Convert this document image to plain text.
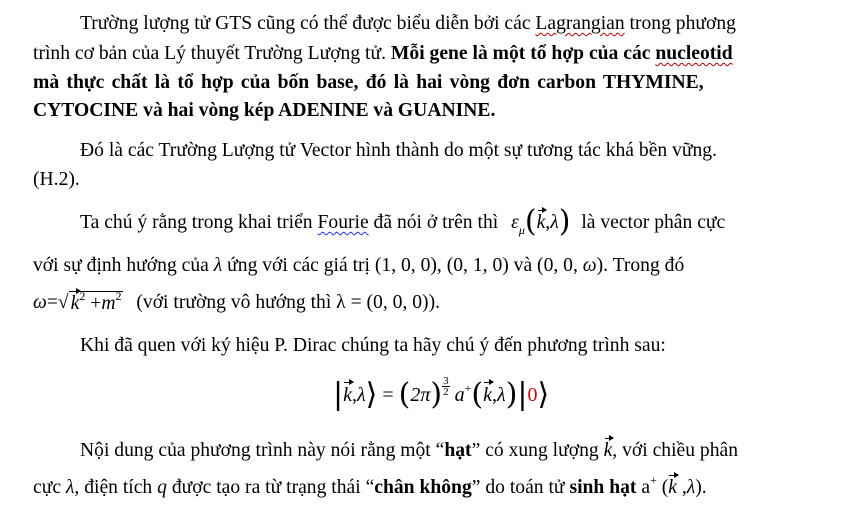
Trường lượng tử GTS cũng có thể được biểu diễn bởi các Lagrangian trong phương
trình cơ bản của Lý thuyết Trường Lượng tử. Mỗi gene là một tổ hợp của các nucleotid
mà thực chất là tổ hợp của bốn base, đó là hai vòng đơn carbon THYMINE,
CYTOCINE và hai vòng kép ADENINE và GUANINE.
Đó là các Trường Lượng tử Vector hình thành do một sự tương tác khá bền vững.
(H.2).
Ta chú ý rằng trong khai triển Fourie đã nói ở trên thì $\varepsilon_\mu(k,\lambda)$ là vector phân cực
với sự định hướng của λ ứng với các giá trị (1, 0, 0), (0, 1, 0) và (0, 0, ω). Trong đó
ω=√ $k^2 +m^2$ (với trường vô hướng thì λ = (0, 0, 0)).
Khi đã quen với ký hiệu P. Dirac chúng ta hãy chú ý đến phương trình sau:
|k,λ⟩ = $(2\pi) \frac{3}{2}$ a+(k,λ)|0⟩
Nội dung của phương trình này nói rằng một “hạt” có xung lượng k, với chiều phân
cực λ, điện tích q được tạo ra từ trạng thái “chân không” do toán tử sinh hạt a+ (k ,λ).
